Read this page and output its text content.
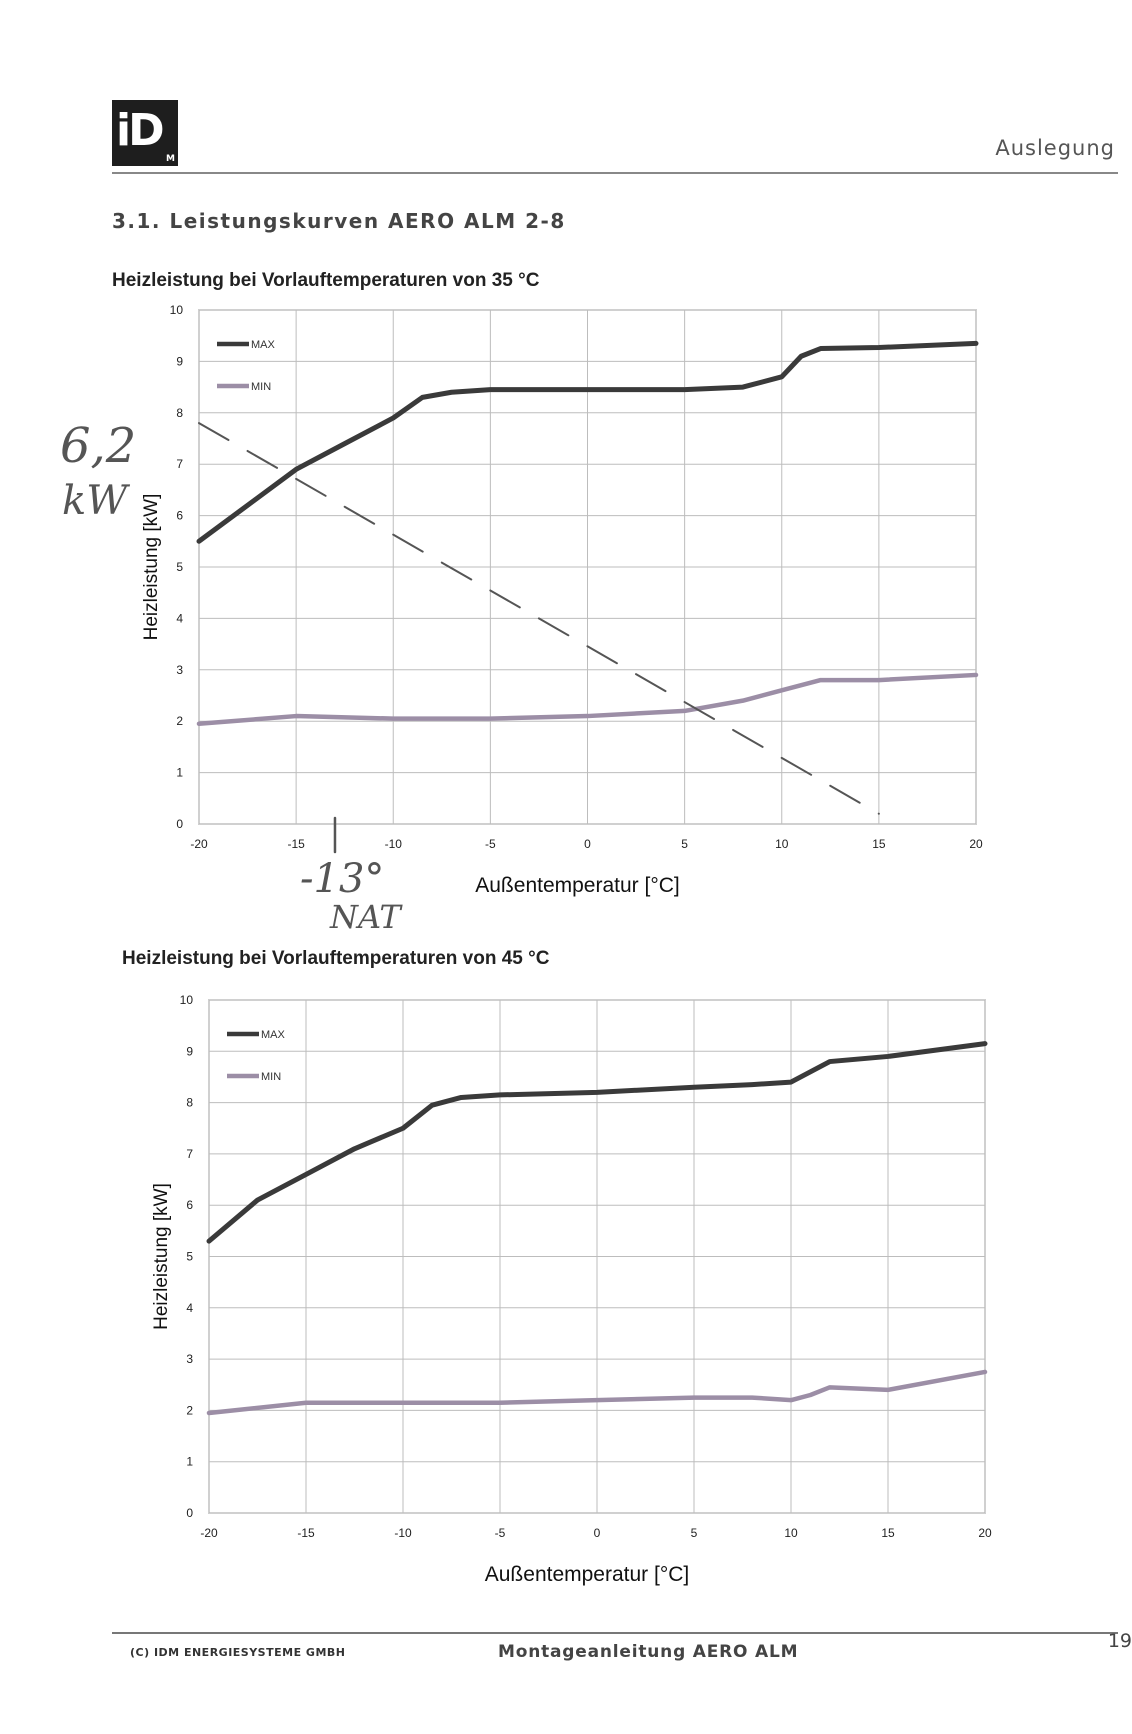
iD
M	Auslegung
3.1. Leistungskurven AERO ALM 2-8
Heizleistung bei Vorlauftemperaturen von 35 °C
-20	-15	-10	-5	0	5	10	15	20
0
1
2
3
4
5
6
7
8
9
10
Außentemperatur [°C]
Heizleistung [kW]
MAX
MIN
6,2
kW
-13°
NAT
Heizleistung bei Vorlauftemperaturen von 45 °C
-20	-15	-10	-5	0	5	10	15	20
0
1
2
3
4
5
6
7
8
9
10
Außentemperatur [°C]
Heizleistung [kW]
MAX
MIN
(C) IDM ENERGIESYSTEME GMBH	Montageanleitung AERO ALM	19
